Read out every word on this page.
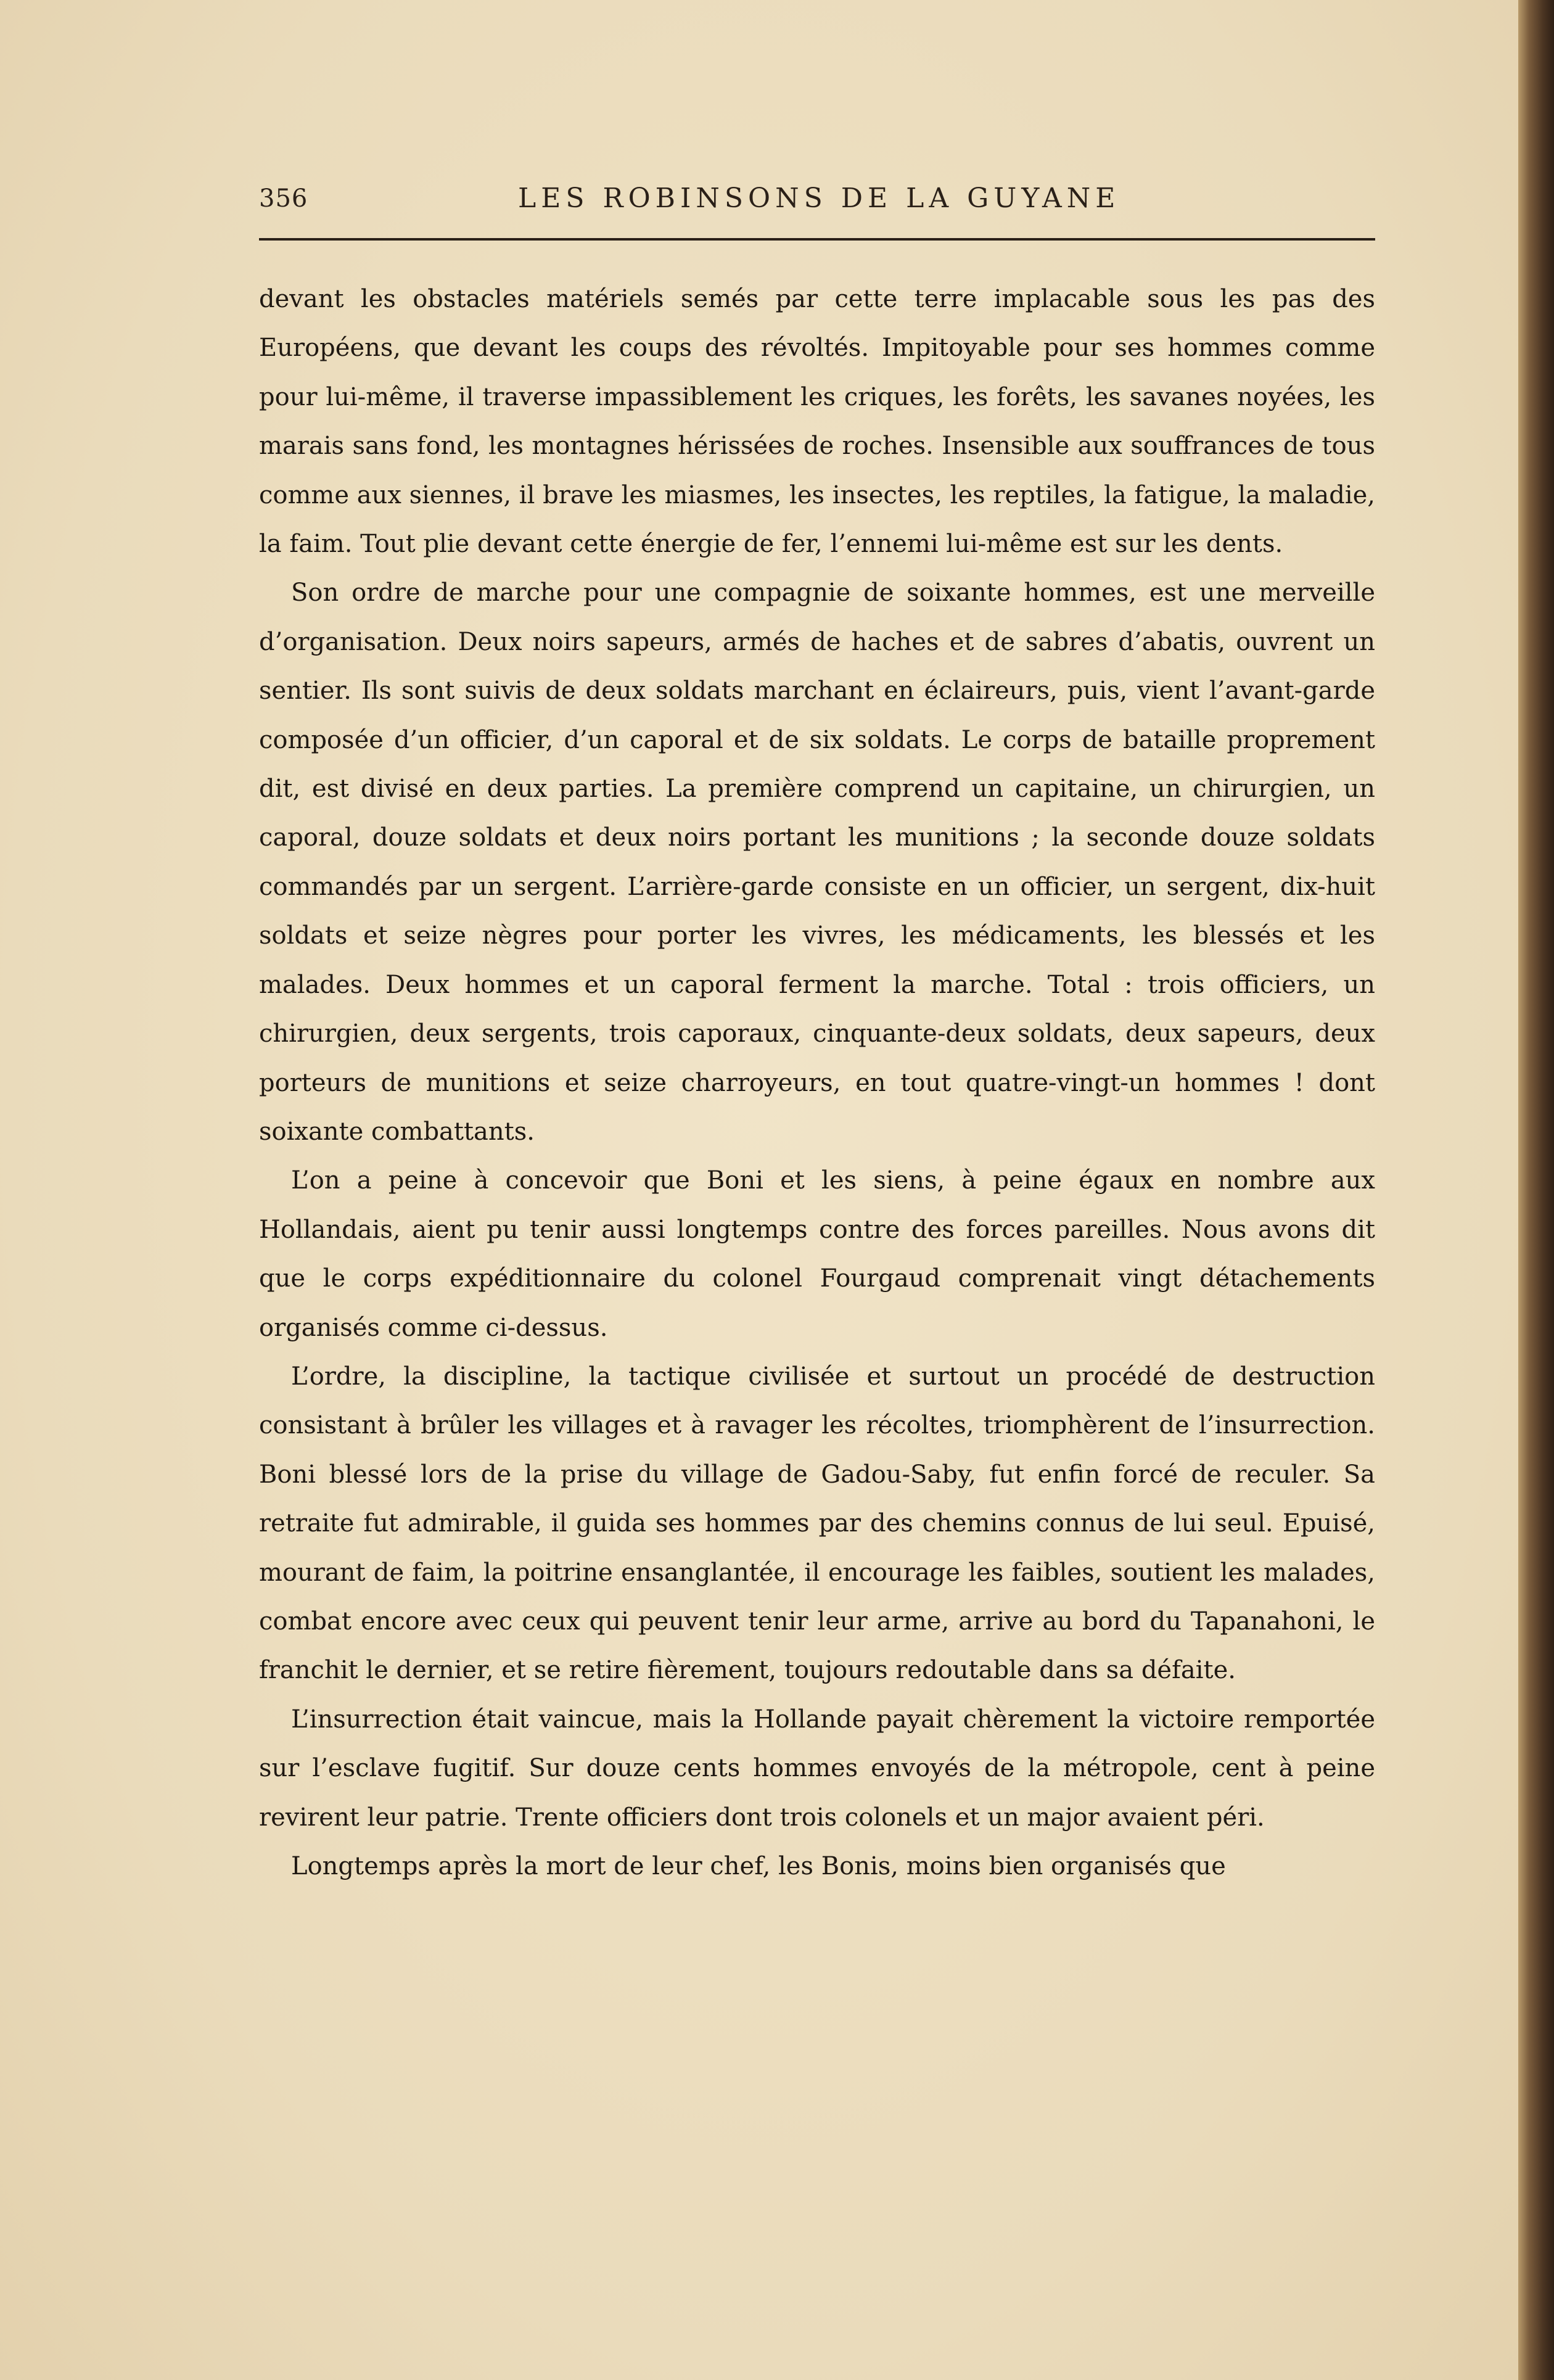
356	LES ROBINSONS DE LA GUYANE

devant les obstacles matériels semés par cette terre implacable sous les pas des Européens, que devant les coups des révoltés. Impitoyable pour ses hommes comme pour lui-même, il traverse impassiblement les criques, les forêts, les savanes noyées, les marais sans fond, les montagnes hérissées de roches. Insensible aux souffrances de tous comme aux siennes, il brave les miasmes, les insectes, les reptiles, la fatigue, la maladie, la faim. Tout plie devant cette énergie de fer, l’ennemi lui-même est sur les dents.

Son ordre de marche pour une compagnie de soixante hommes, est une merveille d’organisation. Deux noirs sapeurs, armés de haches et de sabres d’abatis, ouvrent un sentier. Ils sont suivis de deux soldats marchant en éclaireurs, puis, vient l’avant-garde composée d’un officier, d’un caporal et de six soldats. Le corps de bataille proprement dit, est divisé en deux parties. La première comprend un capitaine, un chirurgien, un caporal, douze soldats et deux noirs portant les munitions ; la seconde douze soldats commandés par un sergent. L’arrière-garde consiste en un officier, un sergent, dix-huit soldats et seize nègres pour porter les vivres, les médicaments, les blessés et les malades. Deux hommes et un caporal ferment la marche. Total : trois officiers, un chirurgien, deux sergents, trois caporaux, cinquante-deux soldats, deux sapeurs, deux porteurs de munitions et seize charroyeurs, en tout quatre-vingt-un hommes ! dont soixante combattants.

L’on a peine à concevoir que Boni et les siens, à peine égaux en nombre aux Hollandais, aient pu tenir aussi longtemps contre des forces pareilles. Nous avons dit que le corps expéditionnaire du colonel Fourgaud comprenait vingt détachements organisés comme ci-dessus.

L’ordre, la discipline, la tactique civilisée et surtout un procédé de destruction consistant à brûler les villages et à ravager les récoltes, triomphèrent de l’insurrection. Boni blessé lors de la prise du village de Gadou-Saby, fut enfin forcé de reculer. Sa retraite fut admirable, il guida ses hommes par des chemins connus de lui seul. Epuisé, mourant de faim, la poitrine ensanglantée, il encourage les faibles, soutient les malades, combat encore avec ceux qui peuvent tenir leur arme, arrive au bord du Tapanahoni, le franchit le dernier, et se retire fièrement, toujours redoutable dans sa défaite.

L’insurrection était vaincue, mais la Hollande payait chèrement la victoire remportée sur l’esclave fugitif. Sur douze cents hommes envoyés de la métropole, cent à peine revirent leur patrie. Trente officiers dont trois colonels et un major avaient péri.

Longtemps après la mort de leur chef, les Bonis, moins bien organisés que
